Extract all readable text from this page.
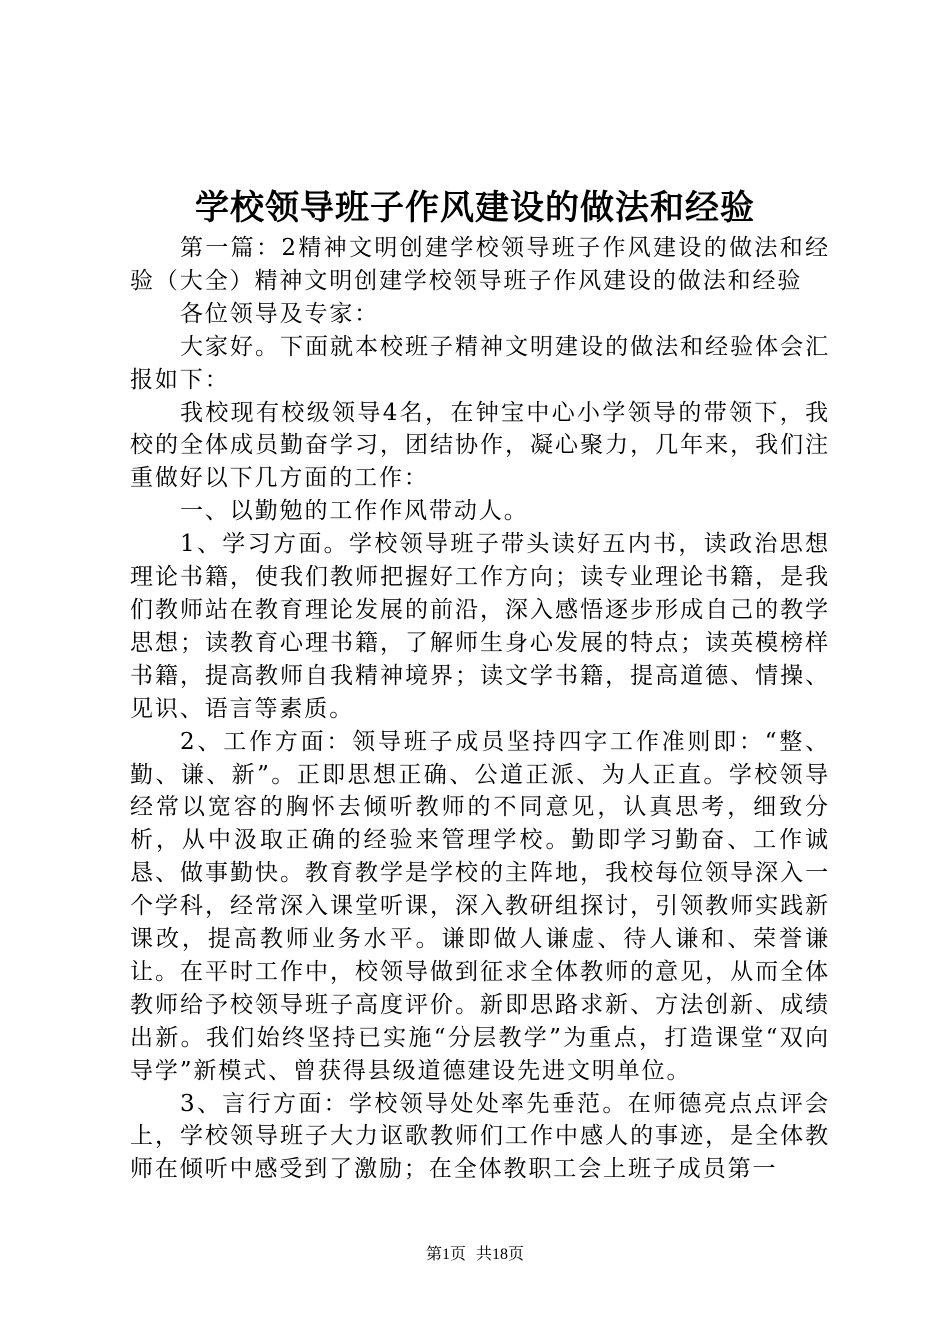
学校领导班子作风建设的做法和经验

第一篇：2精神文明创建学校领导班子作风建设的做法和经验（大全）精神文明创建学校领导班子作风建设的做法和经验

各位领导及专家：

大家好。下面就本校班子精神文明建设的做法和经验体会汇报如下：

我校现有校级领导4名，在钟宝中心小学领导的带领下，我校的全体成员勤奋学习，团结协作，凝心聚力，几年来，我们注重做好以下几方面的工作：

一、以勤勉的工作作风带动人。

1、学习方面。学校领导班子带头读好五内书，读政治思想理论书籍，使我们教师把握好工作方向；读专业理论书籍，是我们教师站在教育理论发展的前沿，深入感悟逐步形成自己的教学思想；读教育心理书籍，了解师生身心发展的特点；读英模榜样书籍，提高教师自我精神境界；读文学书籍，提高道德、情操、见识、语言等素质。

2、工作方面：领导班子成员坚持四字工作准则即：“整、勤、谦、新”。正即思想正确、公道正派、为人正直。学校领导经常以宽容的胸怀去倾听教师的不同意见，认真思考，细致分析，从中汲取正确的经验来管理学校。勤即学习勤奋、工作诚恳、做事勤快。教育教学是学校的主阵地，我校每位领导深入一个学科，经常深入课堂听课，深入教研组探讨，引领教师实践新课改，提高教师业务水平。谦即做人谦虚、待人谦和、荣誉谦让。在平时工作中，校领导做到征求全体教师的意见，从而全体教师给予校领导班子高度评价。新即思路求新、方法创新、成绩出新。我们始终坚持已实施“分层教学”为重点，打造课堂“双向导学”新模式、曾获得县级道德建设先进文明单位。

3、言行方面：学校领导处处率先垂范。在师德亮点点评会上，学校领导班子大力讴歌教师们工作中感人的事迹，是全体教师在倾听中感受到了激励；在全体教职工会上班子成员第一

第1页 共18页
